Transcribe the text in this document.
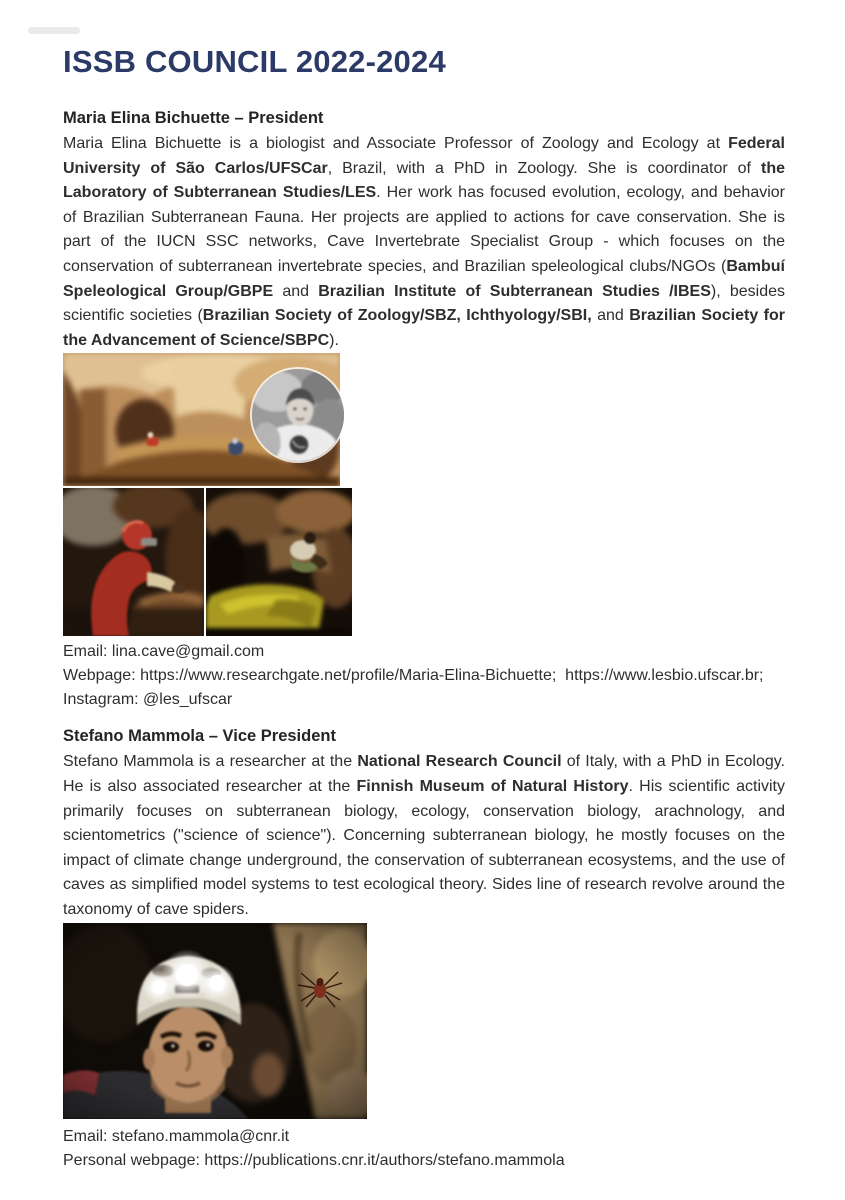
ISSB COUNCIL 2022-2024
Maria Elina Bichuette – President

Maria Elina Bichuette is a biologist and Associate Professor of Zoology and Ecology at Federal University of São Carlos/UFSCar, Brazil, with a PhD in Zoology. She is coordinator of the Laboratory of Subterranean Studies/LES. Her work has focused evolution, ecology, and behavior of Brazilian Subterranean Fauna. Her projects are applied to actions for cave conservation. She is part of the IUCN SSC networks, Cave Invertebrate Specialist Group - which focuses on the conservation of subterranean invertebrate species, and Brazilian speleological clubs/NGOs (Bambuí Speleological Group/GBPE and Brazilian Institute of Subterranean Studies /IBES), besides scientific societies (Brazilian Society of Zoology/SBZ, Ichthyology/SBI, and Brazilian Society for the Advancement of Science/SBPC).

Email: lina.cave@gmail.com
Webpage: https://www.researchgate.net/profile/Maria-Elina-Bichuette;  https://www.lesbio.ufscar.br;
Instagram: @les_ufscar
Stefano Mammola – Vice President

Stefano Mammola is a researcher at the National Research Council of Italy, with a PhD in Ecology. He is also associated researcher at the Finnish Museum of Natural History. His scientific activity primarily focuses on subterranean biology, ecology, conservation biology, arachnology, and scientometrics ("science of science"). Concerning subterranean biology, he mostly focuses on the impact of climate change underground, the conservation of subterranean ecosystems, and the use of caves as simplified model systems to test ecological theory. Sides line of research revolve around the taxonomy of cave spiders.

Email: stefano.mammola@cnr.it
Personal webpage: https://publications.cnr.it/authors/stefano.mammola
